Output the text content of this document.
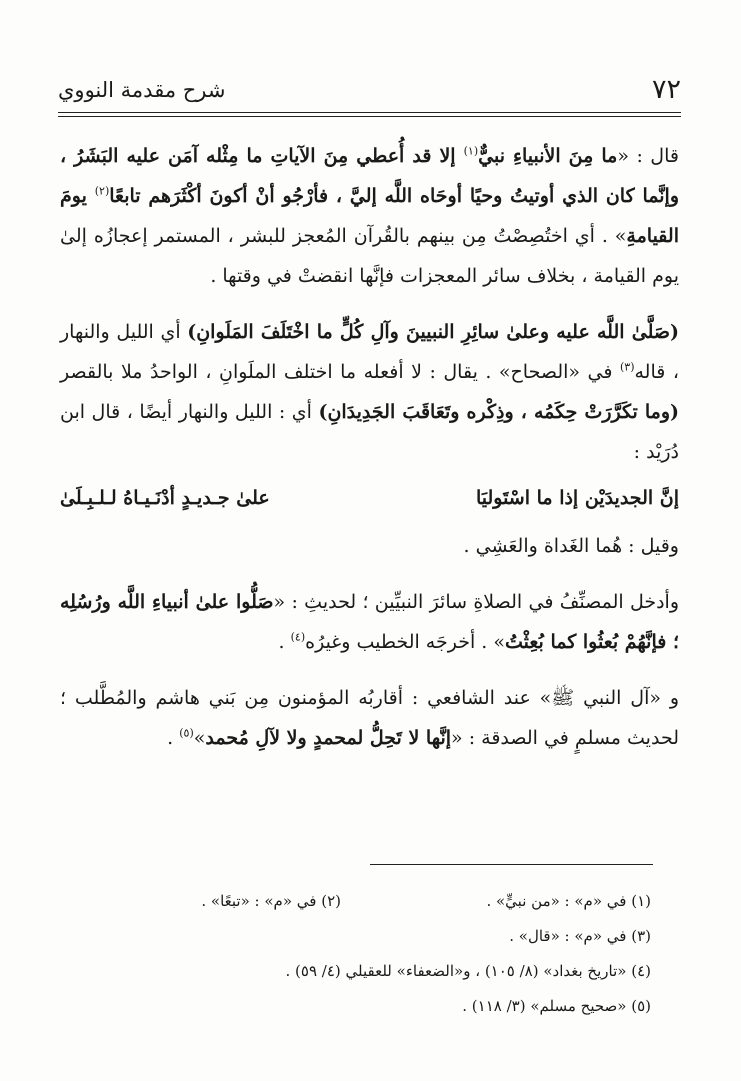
٧٢
شرح مقدمة النووي

قال : «ما مِنَ الأنبياءِ نبيٌّ$^{(١)}$ إلا قد أُعطي مِنَ الآياتِ ما مِثْله آمَن عليه البَشَرُ ، وإنَّما كان الذي أوتيتُ وحيًا أوحَاه اللَّه إليَّ ، فأرْجُو أنْ أكونَ أكْثَرَهم تابعًا$^{(٢)}$ يومَ القيامةِ» . أي اختُصِصْتُ مِن بينهم بالقُرآن المُعجز للبشر ، المستمر إعجازُه إلىٰ يوم القيامة ، بخلاف سائر المعجزات فإنَّها انقضتْ في وقتها .

(صَلَّىٰ اللَّه عليه وعلىٰ سائِرِ النبيينَ وآلِ كُلٍّ ما اخْتَلَفَ المَلَوانِ) أي الليل والنهار ، قاله$^{(٣)}$ في «الصحاح» . يقال : لا أفعله ما اختلف الملَوانِ ، الواحدُ ملا بالقصر (وما تكَرَّرَتْ حِكَمُه ، وذِكْره وتَعَاقَبَ الجَدِيدَانِ) أي : الليل والنهار أيضًا ، قال ابن دُرَيْد :

إنَّ الجديدَيْن إذا ما اسْتَوليَا
علىٰ جـديـدٍ أدْنَـيـاهُ لـلـبِـلَىٰ

وقيل : هُما الغَداة والعَشِي .

وأدخل المصنِّفُ في الصلاةِ سائرَ النبيِّين ؛ لحديثِ : «صَلُّوا علىٰ أنبياءِ اللَّه ورُسُلِه ؛ فإنَّهُمْ بُعثُوا كما بُعِثْتُ» . أخرجَه الخطيب وغيرُه$^{(٤)}$ .

و «آل النبي ﷺ» عند الشافعي : أقاربُه المؤمنون مِن بَني هاشم والمُطَّلب ؛ لحديث مسلمٍ في الصدقة : «إنَّها لا تَحِلُّ لمحمدٍ ولا لآلِ مُحمد»$^{(٥)}$ .

(١) في «م» : «من نبيٍّ» .
(٢) في «م» : «تبعًا» .
(٣) في «م» : «قال» .
(٤) «تاريخ بغداد» (٨/ ١٠٥) ، و«الضعفاء» للعقيلي (٤/ ٥٩) .
(٥) «صحيح مسلم» (٣/ ١١٨) .
